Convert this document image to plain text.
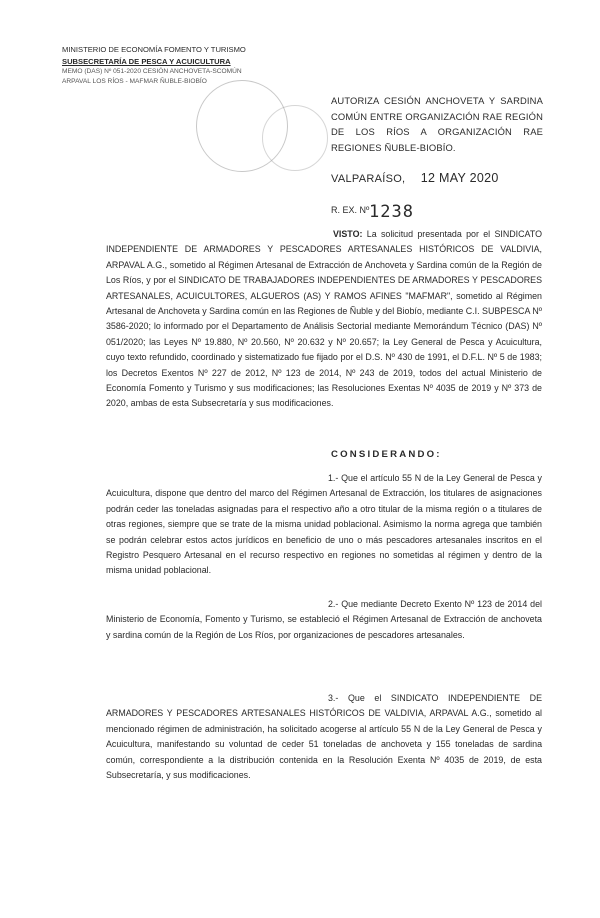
MINISTERIO DE ECONOMÍA FOMENTO Y TURISMO
SUBSECRETARÍA DE PESCA Y ACUICULTURA
MEMO (DAS) Nº 051-2020 CESIÓN ANCHOVETA-SCOMÚN
ARPAVAL LOS RÍOS - MAFMAR ÑUBLE-BIOBÍO
AUTORIZA CESIÓN ANCHOVETA Y SARDINA COMÚN ENTRE ORGANIZACIÓN RAE REGIÓN DE LOS RÍOS A ORGANIZACIÓN RAE REGIONES ÑUBLE-BIOBÍO.
VALPARAÍSO, 12 MAY 2020
R. EX. Nº 1238
VISTO: La solicitud presentada por el SINDICATO INDEPENDIENTE DE ARMADORES Y PESCADORES ARTESANALES HISTÓRICOS DE VALDIVIA, ARPAVAL A.G., sometido al Régimen Artesanal de Extracción de Anchoveta y Sardina común de la Región de Los Ríos, y por el SINDICATO DE TRABAJADORES INDEPENDIENTES DE ARMADORES Y PESCADORES ARTESANALES, ACUICULTORES, ALGUEROS (AS) Y RAMOS AFINES "MAFMAR", sometido al Régimen Artesanal de Anchoveta y Sardina común en las Regiones de Ñuble y del Biobío, mediante C.I. SUBPESCA Nº 3586-2020; lo informado por el Departamento de Análisis Sectorial mediante Memorándum Técnico (DAS) Nº 051/2020; las Leyes Nº 19.880, Nº 20.560, Nº 20.632 y Nº 20.657; la Ley General de Pesca y Acuicultura, cuyo texto refundido, coordinado y sistematizado fue fijado por el D.S. Nº 430 de 1991, el D.F.L. Nº 5 de 1983; los Decretos Exentos Nº 227 de 2012, Nº 123 de 2014, Nº 243 de 2019, todos del actual Ministerio de Economía Fomento y Turismo y sus modificaciones; las Resoluciones Exentas Nº 4035 de 2019 y Nº 373 de 2020, ambas de esta Subsecretaría y sus modificaciones.
CONSIDERANDO:
1.- Que el artículo 55 N de la Ley General de Pesca y Acuicultura, dispone que dentro del marco del Régimen Artesanal de Extracción, los titulares de asignaciones podrán ceder las toneladas asignadas para el respectivo año a otro titular de la misma región o a titulares de otras regiones, siempre que se trate de la misma unidad poblacional. Asimismo la norma agrega que también se podrán celebrar estos actos jurídicos en beneficio de uno o más pescadores artesanales inscritos en el Registro Pesquero Artesanal en el recurso respectivo en regiones no sometidas al régimen y dentro de la misma unidad poblacional.
2.- Que mediante Decreto Exento Nº 123 de 2014 del Ministerio de Economía, Fomento y Turismo, se estableció el Régimen Artesanal de Extracción de anchoveta y sardina común de la Región de Los Ríos, por organizaciones de pescadores artesanales.
3.- Que el SINDICATO INDEPENDIENTE DE ARMADORES Y PESCADORES ARTESANALES HISTÓRICOS DE VALDIVIA, ARPAVAL A.G., sometido al mencionado régimen de administración, ha solicitado acogerse al artículo 55 N de la Ley General de Pesca y Acuicultura, manifestando su voluntad de ceder 51 toneladas de anchoveta y 155 toneladas de sardina común, correspondiente a la distribución contenida en la Resolución Exenta Nº 4035 de 2019, de esta Subsecretaría, y sus modificaciones.
